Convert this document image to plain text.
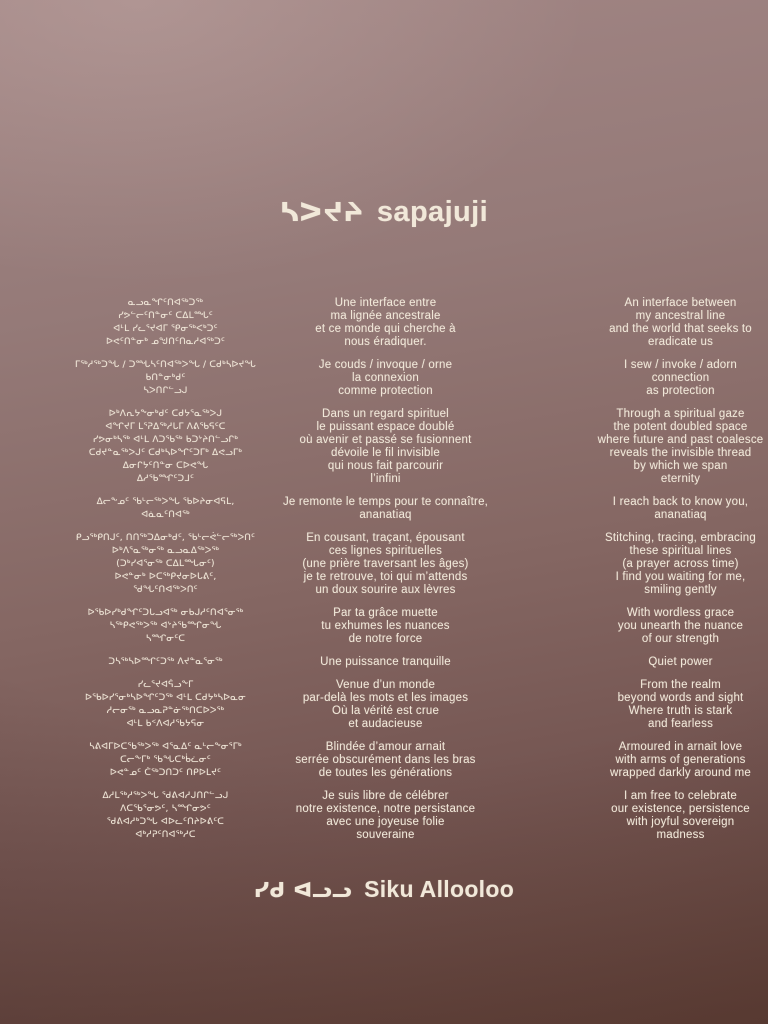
ᓴᐳᔪᔨ sapajuji
ᓇᓗᓇᖏᑦᑎᐊᖅᑐᖅ
ᓯᕗᓪᓕᑦᑎᓐᓂᑦ ᑕᐃᒪᙵᑦ
ᐊᒻᒪ ᓯᓚᕐᔪᐊᒥ ᕿᓂᖅᐸᒃᑐᑦ
ᐅᕙᑦᑎᓐᓂᒃ ᓄᖑᑎᑦᑎᓇᓱᐊᖅᑐᑦ
ᒥᖅᓱᖅᑐᖓ / ᑐᙵᓴᑦᑎᐊᖅᐳᖓ / ᑕᑯᒃᓴᐅᔪᖓ
ᑲᑎᓐᓂᒃᑯᑦ
ᓴᐳᑎᒋᓪᓗᒍ
ᐅᒃᐱᕆᔭᖕᓂᒃᑯᑦ ᑕᑯᔭᕐᓇᖅᐳᒍ
ᐊᖏᔪᒥ ᒪᕐᕈᐃᖅᓱᒐᒥ ᐱᕕᖃᕋᑦᑕ
ᓯᕗᓂᒃᓴᖅ ᐊᒻᒪ ᐱᑐᖃᖅ ᑲᑐᔾᔨᑎᓪᓗᒋᒃ
ᑕᑯᔪᓐᓇᖅᐳᒍᑦ ᑕᑯᒃᓴᐅᖏᑦᑐᒥᒃ ᐃᕙᓗᒥᒃ
ᐃᓂᒋᔭᑦᑎᓐᓂ ᑕᐅᕙᖓ
ᐃᓱᖃᙱᑦᑐᒧᑦ
ᐃᓕᖕᓄᑦ ᖃᒡᓕᖅᐳᖓ ᖃᐅᔨᓂᐊᕋᒪ,
ᐊᓈᓇᑦᑎᐊᖅ
ᑭᓗᖅᑭᑎᒍᑦ, ᑎᑎᖅᑐᐃᓂᒃᑯᑦ, ᖃᒡᓕᕚᓪᓕᖅᐳᑎᑦ
ᐅᒃᐱᕐᓇᖅᓂᖅ ᓇᓗᓇᐃᖅᐳᖅ
(ᑐᒃᓯᐊᕐᓂᖅ ᑕᐃᒪᙵᓂᑦ)
ᐅᕙᓐᓂᒃ ᐅᑕᖅᑭᔪᓂᐅᒐᕕᑦ,
ᖁᖓᑦᑎᐊᖅᐳᑎᑦ
ᐅᖃᐅᓯᒃᑯᖏᑦᑐᒐᓗᐊᖅ ᓂᑲᒍᓱᑦᑎᐊᕐᓂᖅ
ᓴᖅᑭᕙᖅᐳᖅ ᐊᔾᔨᖃᙱᓂᖓ
ᓴᙱᓂᑦᑕ
ᑐᓴᖅᓴᐅᙱᑦᑐᖅ ᐱᔪᓐᓇᕐᓂᖅ
ᓯᓚᕐᔪᐊᕌᓗᖕᒥ
ᐅᖃᐅᓯᕐᓂᒃᓴᐅᖏᑦᑐᖅ ᐊᒻᒪ ᑕᑯᔭᒃᓴᐅᓇᓂ
ᓱᓕᓂᖅ ᓇᓗᓇᕈᓐᓃᖅᑎᑕᐅᐳᖅ
ᐊᒻᒪ ᑲᑉᐱᐊᓱᖃᔭᕋᓂ
ᓴᕕᐊᒥᐅᑕᖃᖅᐳᖅ ᐊᕐᓇᐃᑦ ᓇᒡᓕᖕᓂᕐᒥᒃ
ᑕᓕᖕᒥᒃ ᖃᖓᑕᒃᑳᓛᓂᑦ
ᐅᕙᓐᓄᑦ ᑖᖅᑐᑎᑐᑦ ᑎᑭᐅᒪᔪᑦ
ᐃᓱᒪᖅᓱᖅᐳᖓ ᖁᕕᐊᓱᒍᑎᒋᓪᓗᒍ
ᐱᑕᖃᕐᓂᕗᑦ, ᓴᙱᓂᕗᑦ
ᖁᕕᐊᓱᒃᑐᖓ ᐊᐅᓚᑦᑎᔨᐅᕕᑦᑕ
ᐊᒃᓱᕈᑦᑎᐊᖅᓱᑕ
Une interface entre
ma lignée ancestrale
et ce monde qui cherche à
nous éradiquer.
Je couds / invoque / orne
la connexion
comme protection
Dans un regard spirituel
le puissant espace doublé
où avenir et passé se fusionnent
dévoile le fil invisible
qui nous fait parcourir
l’infini
Je remonte le temps pour te connaître,
ananatiaq
En cousant, traçant, épousant
ces lignes spirituelles
(une prière traversant les âges)
je te retrouve, toi qui m’attends
un doux sourire aux lèvres
Par ta grâce muette
tu exhumes les nuances
de notre force
Une puissance tranquille
Venue d’un monde
par-delà les mots et les images
Où la vérité est crue
et audacieuse
Blindée d’amour arnait
serrée obscurément dans les bras
de toutes les générations
Je suis libre de célébrer
notre existence, notre persistance
avec une joyeuse folie
souveraine
An interface between
my ancestral line
and the world that seeks to
eradicate us
I sew / invoke / adorn
connection
as protection
Through a spiritual gaze
the potent doubled space
where future and past coalesce
reveals the invisible thread
by which we span
eternity
I reach back to know you,
ananatiaq
Stitching, tracing, embracing
these spiritual lines
(a prayer across time)
I find you waiting for me,
smiling gently
With wordless grace
you unearth the nuance
of our strength
Quiet power
From the realm
beyond words and sight
Where truth is stark
and fearless
Armoured in arnait love
with arms of generations
wrapped darkly around me
I am free to celebrate
our existence, persistence
with joyful sovereign
madness
ᓯᑯ ᐊᓗᓗ Siku Allooloo
